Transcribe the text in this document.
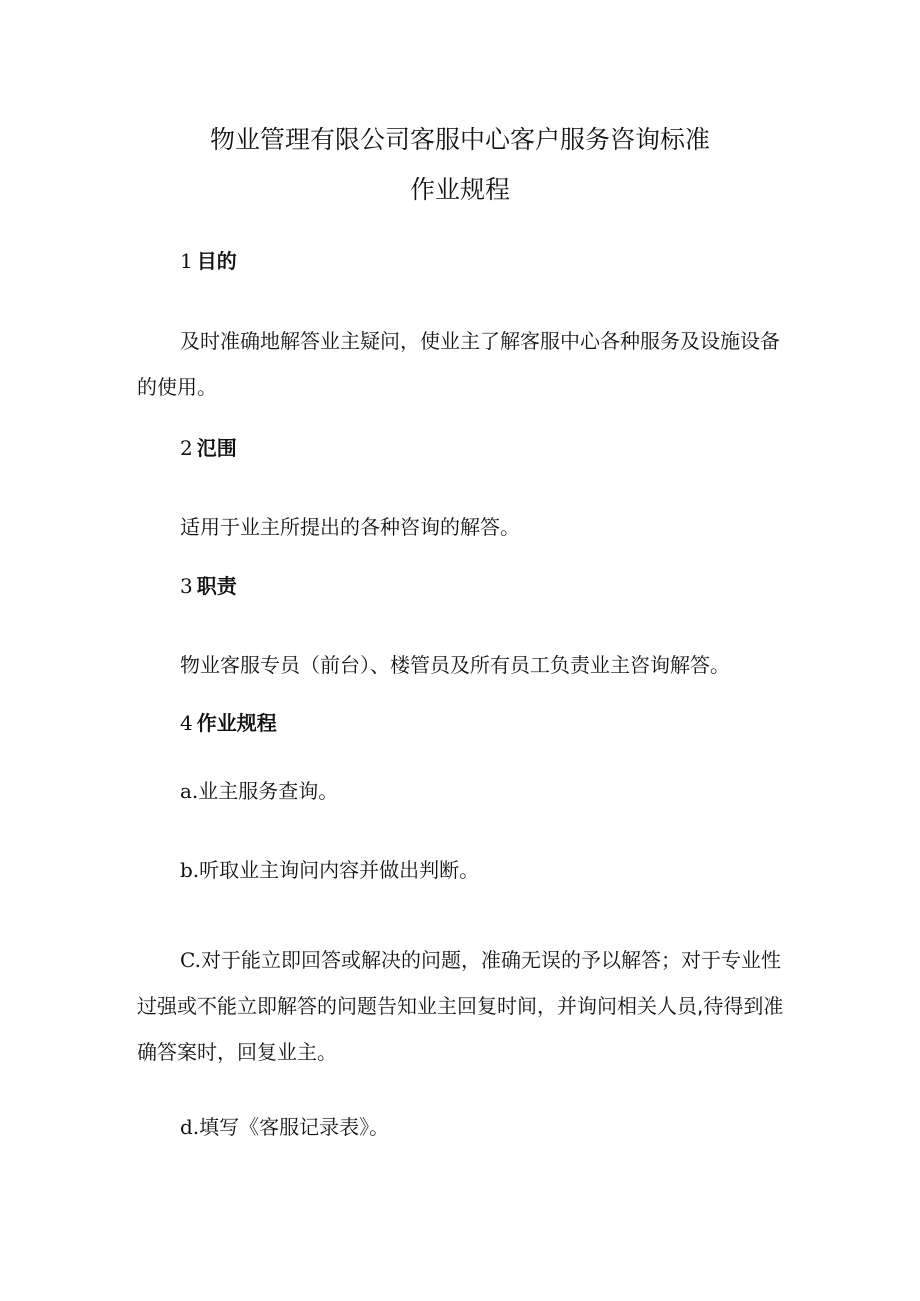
物业管理有限公司客服中心客户服务咨询标准
作业规程
1 目的
及时准确地解答业主疑问，使业主了解客服中心各种服务及设施设备的使用。
2 氾围
适用于业主所提出的各种咨询的解答。
3 职责
物业客服专员（前台）、楼管员及所有员工负责业主咨询解答。
4 作业规程
a.业主服务查询。
b.听取业主询问内容并做出判断。
C.对于能立即回答或解决的问题，准确无误的予以解答；对于专业性过强或不能立即解答的问题告知业主回复时间，并询问相关人员,待得到准确答案时，回复业主。
d.填写《客服记录表》。
